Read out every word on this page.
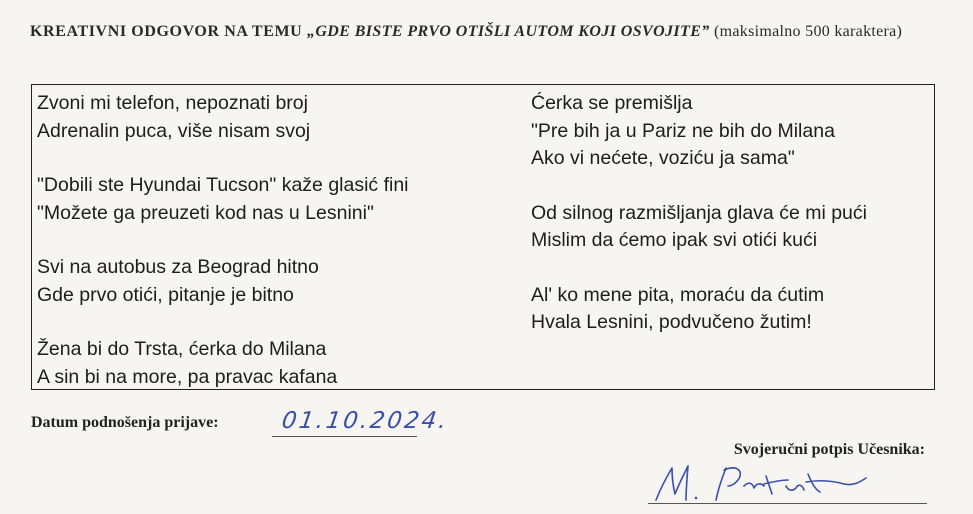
KREATIVNI ODGOVOR NA TEMU „GDE BISTE PRVO OTIŠLI AUTOM KOJI OSVOJITE” (maksimalno 500 karaktera)
Zvoni mi telefon, nepoznati broj
Adrenalin puca, više nisam svoj
"Dobili ste Hyundai Tucson" kaže glasić fini
"Možete ga preuzeti kod nas u Lesnini"
Svi na autobus za Beograd hitno
Gde prvo otići, pitanje je bitno
Žena bi do Trsta, ćerka do Milana
A sin bi na more, pa pravac kafana
Ćerka se premišlja
"Pre bih ja u Pariz ne bih do Milana
Ako vi nećete, voziću ja sama"
Od silnog razmišljanja glava će mi pući
Mislim da ćemo ipak svi otići kući
Al' ko mene pita, moraću da ćutim
Hvala Lesnini, podvučeno žutim!
Datum podnošenja prijave:	01.10.2024.
Svojeručni potpis Učesnika:
